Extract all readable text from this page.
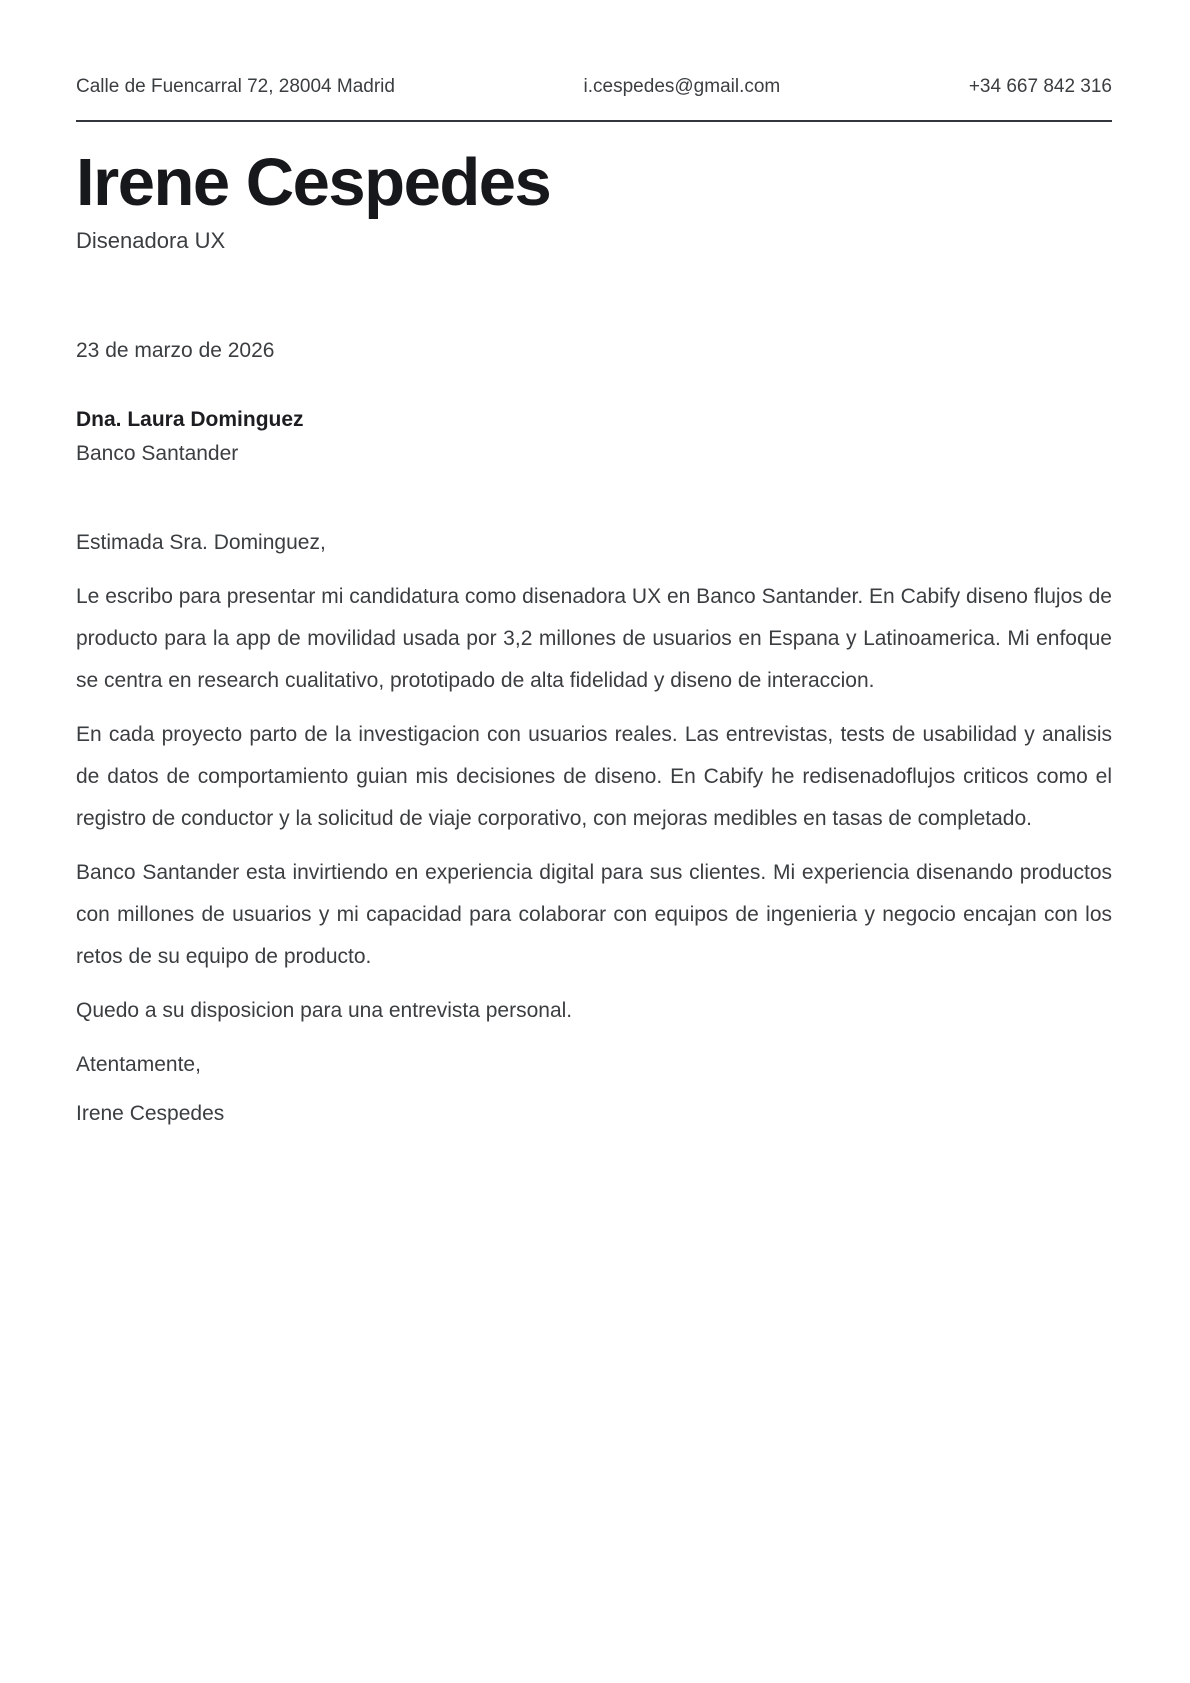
Calle de Fuencarral 72, 28004 Madrid	i.cespedes@gmail.com	+34 667 842 316
Irene Cespedes
Disenadora UX
23 de marzo de 2026
Dna. Laura Dominguez
Banco Santander

Estimada Sra. Dominguez,

Le escribo para presentar mi candidatura como disenadora UX en Banco Santander. En Cabify diseno flujos de producto para la app de movilidad usada por 3,2 millones de usuarios en Espana y Latinoamerica. Mi enfoque se centra en research cualitativo, prototipado de alta fidelidad y diseno de interaccion.

En cada proyecto parto de la investigacion con usuarios reales. Las entrevistas, tests de usabilidad y analisis de datos de comportamiento guian mis decisiones de diseno. En Cabify he redisenadoflujos criticos como el registro de conductor y la solicitud de viaje corporativo, con mejoras medibles en tasas de completado.

Banco Santander esta invirtiendo en experiencia digital para sus clientes. Mi experiencia disenando productos con millones de usuarios y mi capacidad para colaborar con equipos de ingenieria y negocio encajan con los retos de su equipo de producto.

Quedo a su disposicion para una entrevista personal.

Atentamente,

Irene Cespedes
